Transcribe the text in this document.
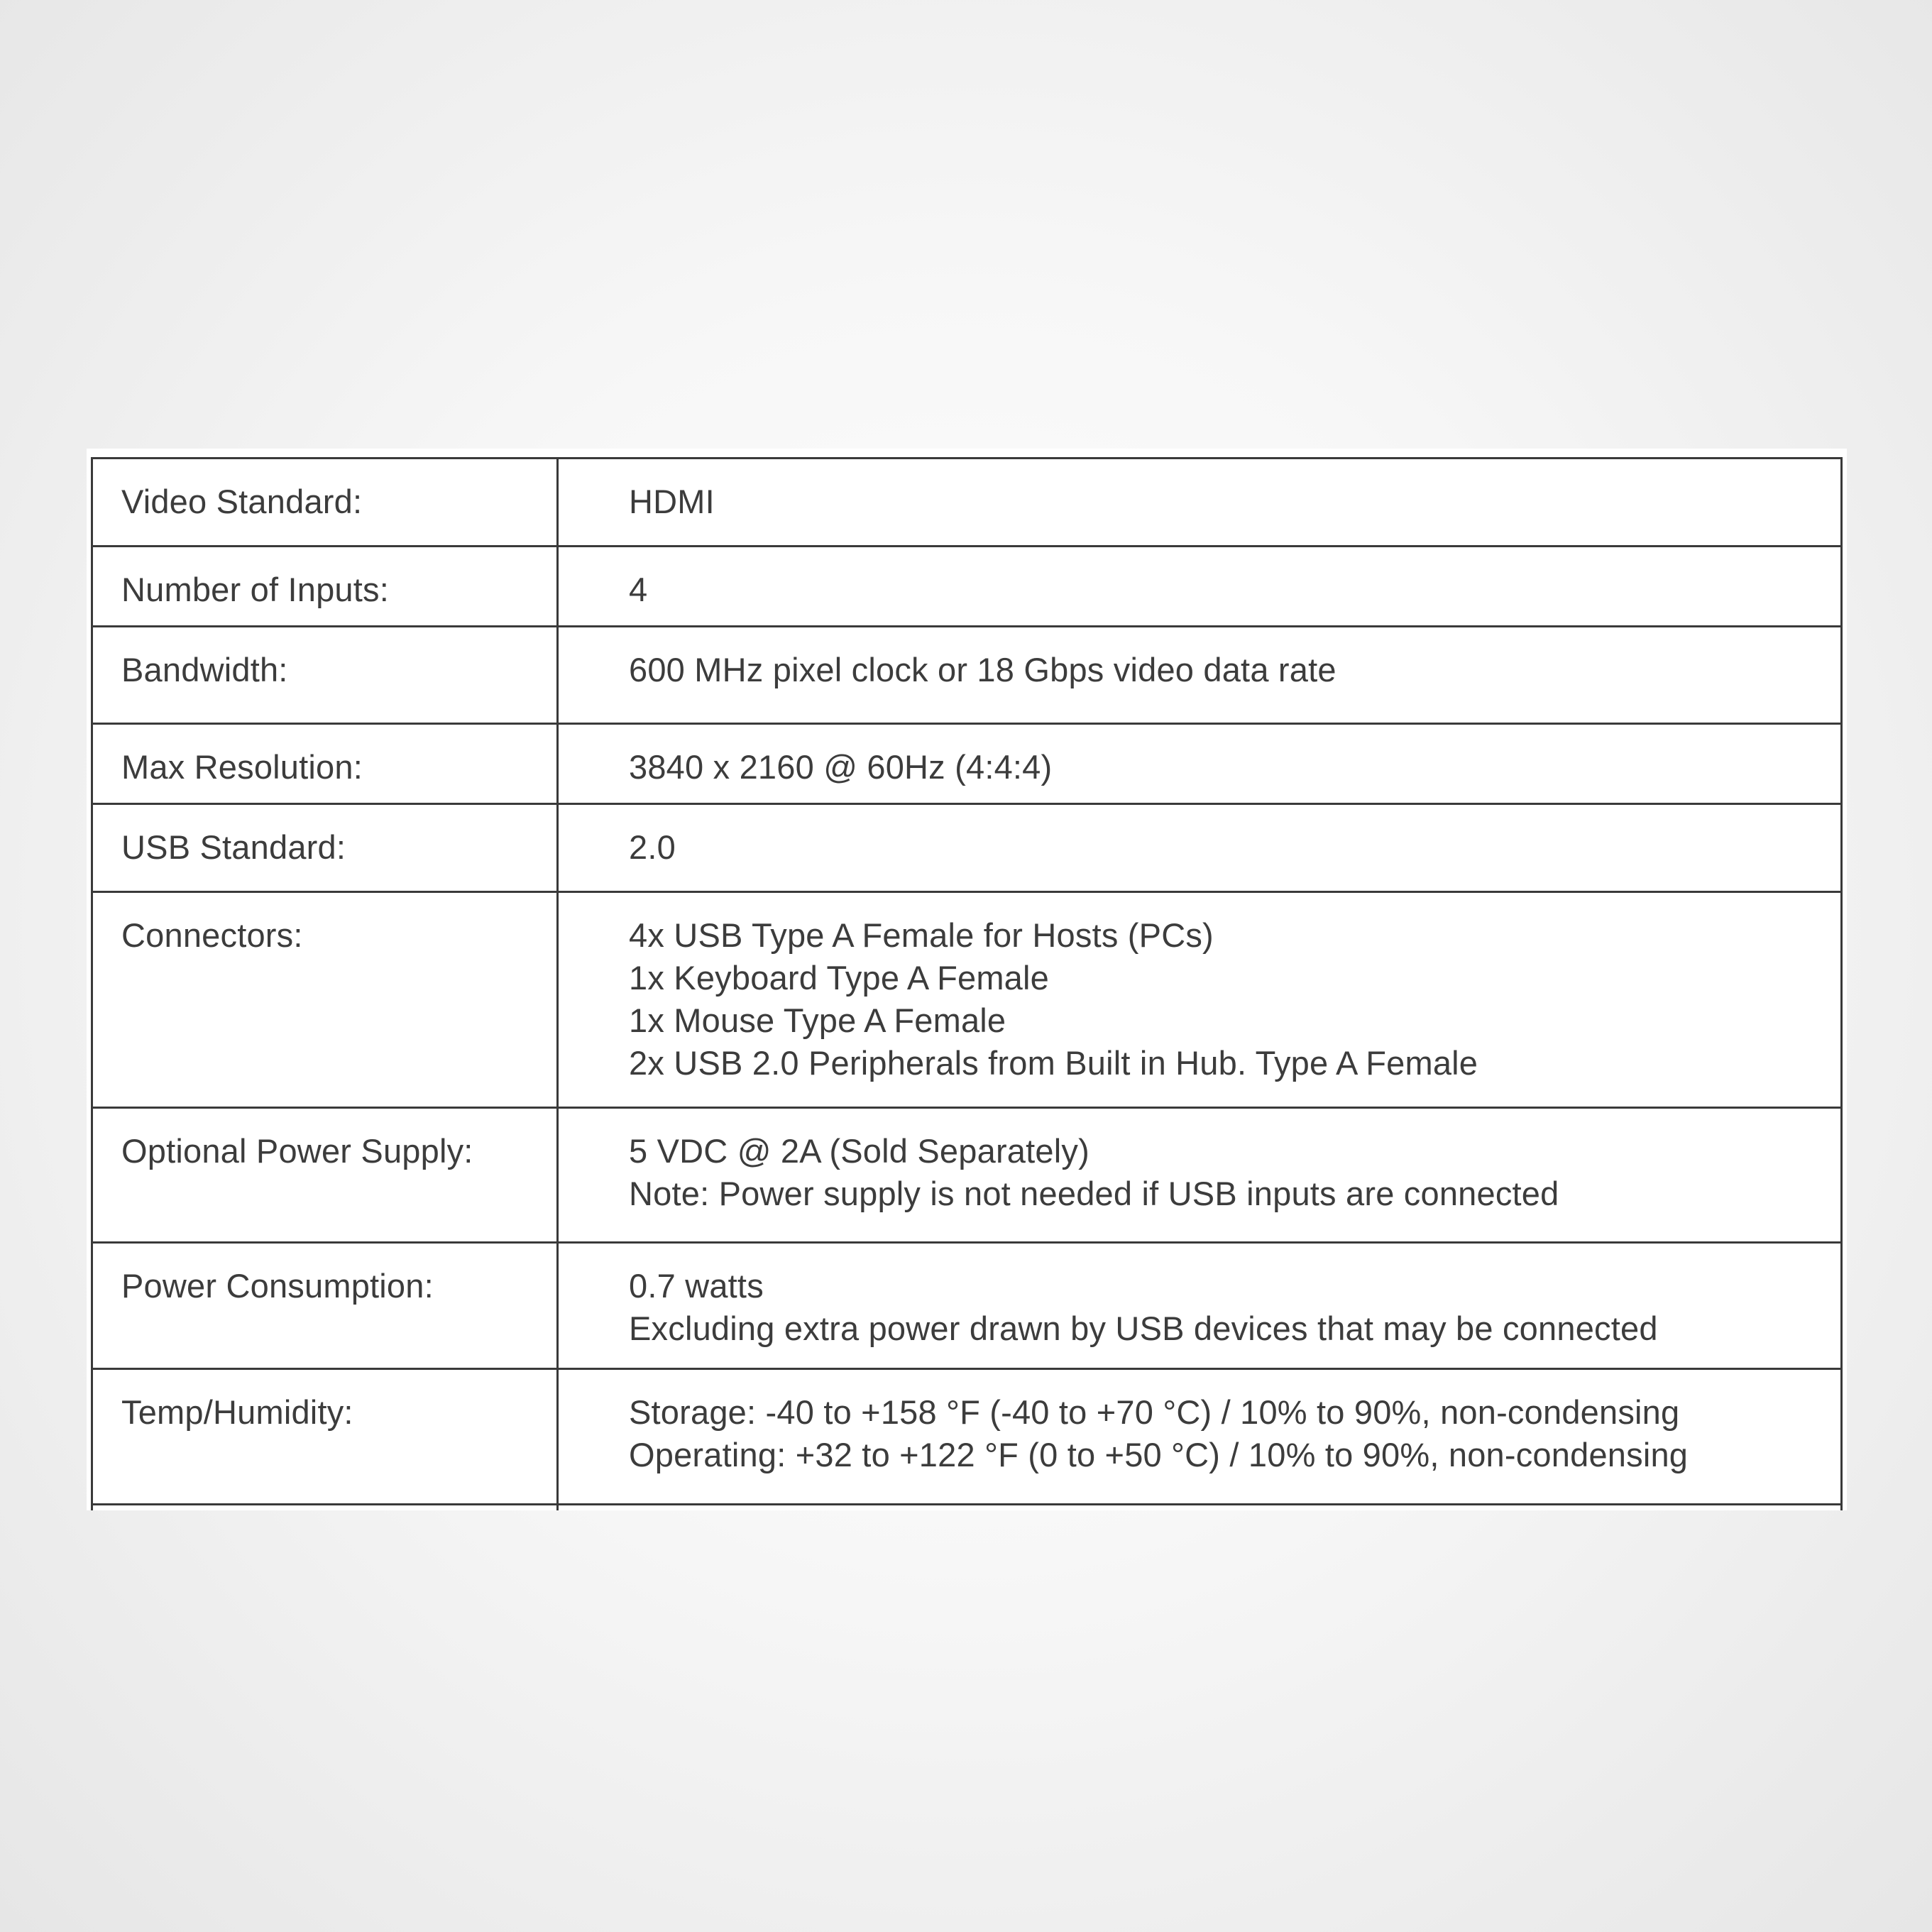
Video Standard:	HDMI

Number of Inputs:	4

Bandwidth:	600 MHz pixel clock or 18 Gbps video data rate

Max Resolution:	3840 x 2160 @ 60Hz (4:4:4)

USB Standard:	2.0

Connectors:	4x USB Type A Female for Hosts (PCs)
1x Keyboard Type A Female
1x Mouse Type A Female
2x USB 2.0 Peripherals from Built in Hub. Type A Female

Optional Power Supply:	5 VDC @ 2A (Sold Separately)
Note: Power supply is not needed if USB inputs are connected

Power Consumption:	0.7 watts
Excluding extra power drawn by USB devices that may be connected

Temp/Humidity:	Storage: -40 to +158 °F (-40 to +70 °C) / 10% to 90%, non-condensing
Operating: +32 to +122 °F (0 to +50 °C) / 10% to 90%, non-condensing
